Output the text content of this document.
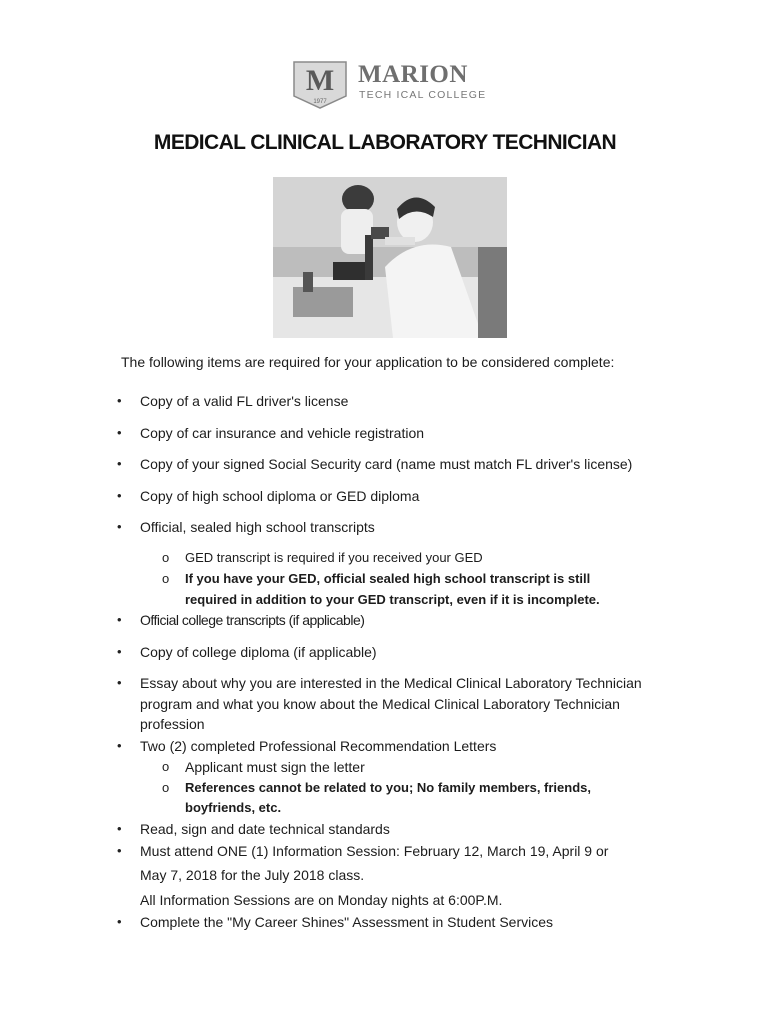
M
1977
MARION
TECH ICAL COLLEGE
MEDICAL CLINICAL LABORATORY TECHNICIAN
The following items are required for your application to be considered complete:
• Copy of a valid FL driver's license
• Copy of car insurance and vehicle registration
• Copy of your signed Social Security card (name must match FL driver's license)
• Copy of high school diploma or GED diploma
• Official, sealed high school transcripts
o GED transcript is required if you received your GED
o If you have your GED, official sealed high school transcript is still
required in addition to your GED transcript, even if it is incomplete.
• Official college transcripts (if applicable)
• Copy of college diploma (if applicable)
• Essay about why you are interested in the Medical Clinical Laboratory Technician
program and what you know about the Medical Clinical Laboratory Technician
profession
• Two (2) completed Professional Recommendation Letters
o Applicant must sign the letter
o References cannot be related to you; No family members, friends,
boyfriends, etc.
• Read, sign and date technical standards
• Must attend ONE (1) Information Session: February 12, March 19, April 9 or
May 7, 2018 for the July 2018 class.
All Information Sessions are on Monday nights at 6:00P.M.
• Complete the "My Career Shines" Assessment in Student Services
